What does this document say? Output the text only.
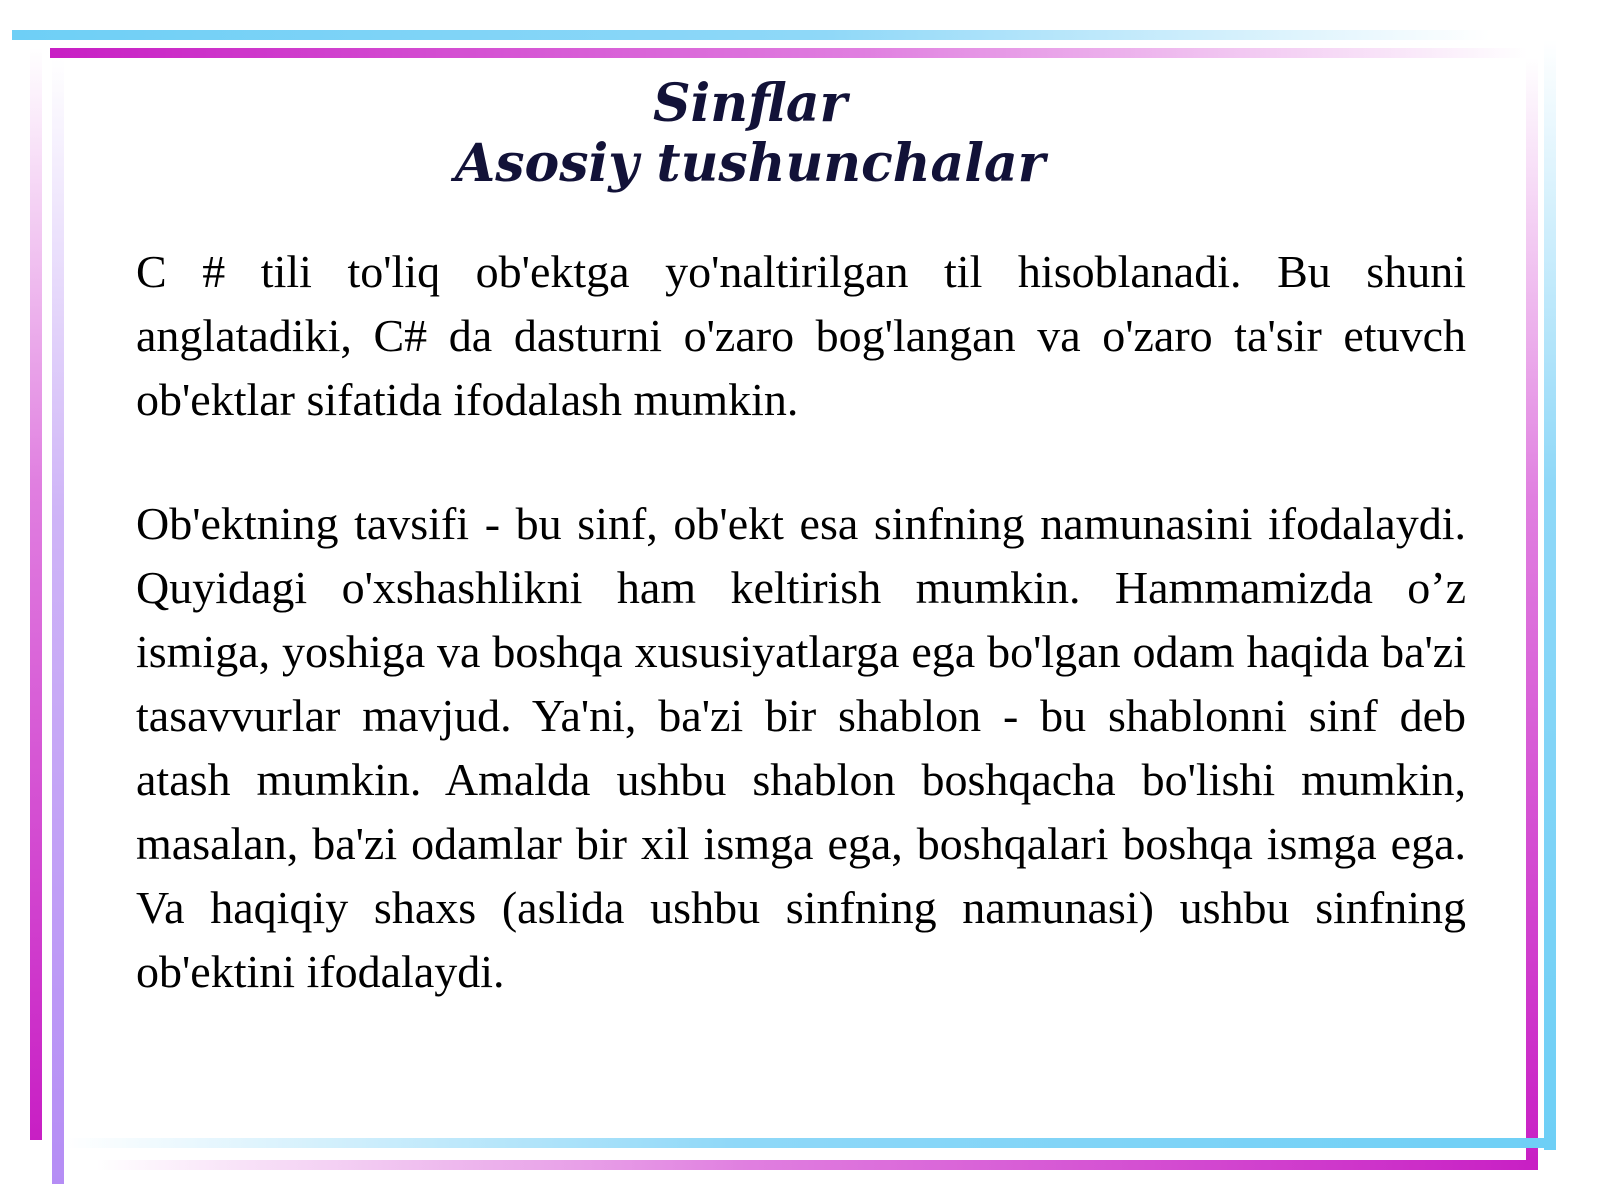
Sinflar
Asosiy tushunchalar

C # tili to'liq ob'ektga yo'naltirilgan til hisoblanadi. Bu shuni anglatadiki, C# da dasturni o'zaro bog'langan va o'zaro ta'sir etuvch ob'ektlar sifatida ifodalash mumkin.

Ob'ektning tavsifi - bu sinf, ob'ekt esa sinfning namunasini ifodalaydi. Quyidagi o'xshashlikni ham keltirish mumkin. Hammamizda o’z ismiga, yoshiga va boshqa xususiyatlarga ega bo'lgan odam haqida ba'zi tasavvurlar mavjud. Ya'ni, ba'zi bir shablon - bu shablonni sinf deb atash mumkin. Amalda ushbu shablon boshqacha bo'lishi mumkin, masalan, ba'zi odamlar bir xil ismga ega, boshqalari boshqa ismga ega. Va haqiqiy shaxs (aslida ushbu sinfning namunasi) ushbu sinfning ob'ektini ifodalaydi.
